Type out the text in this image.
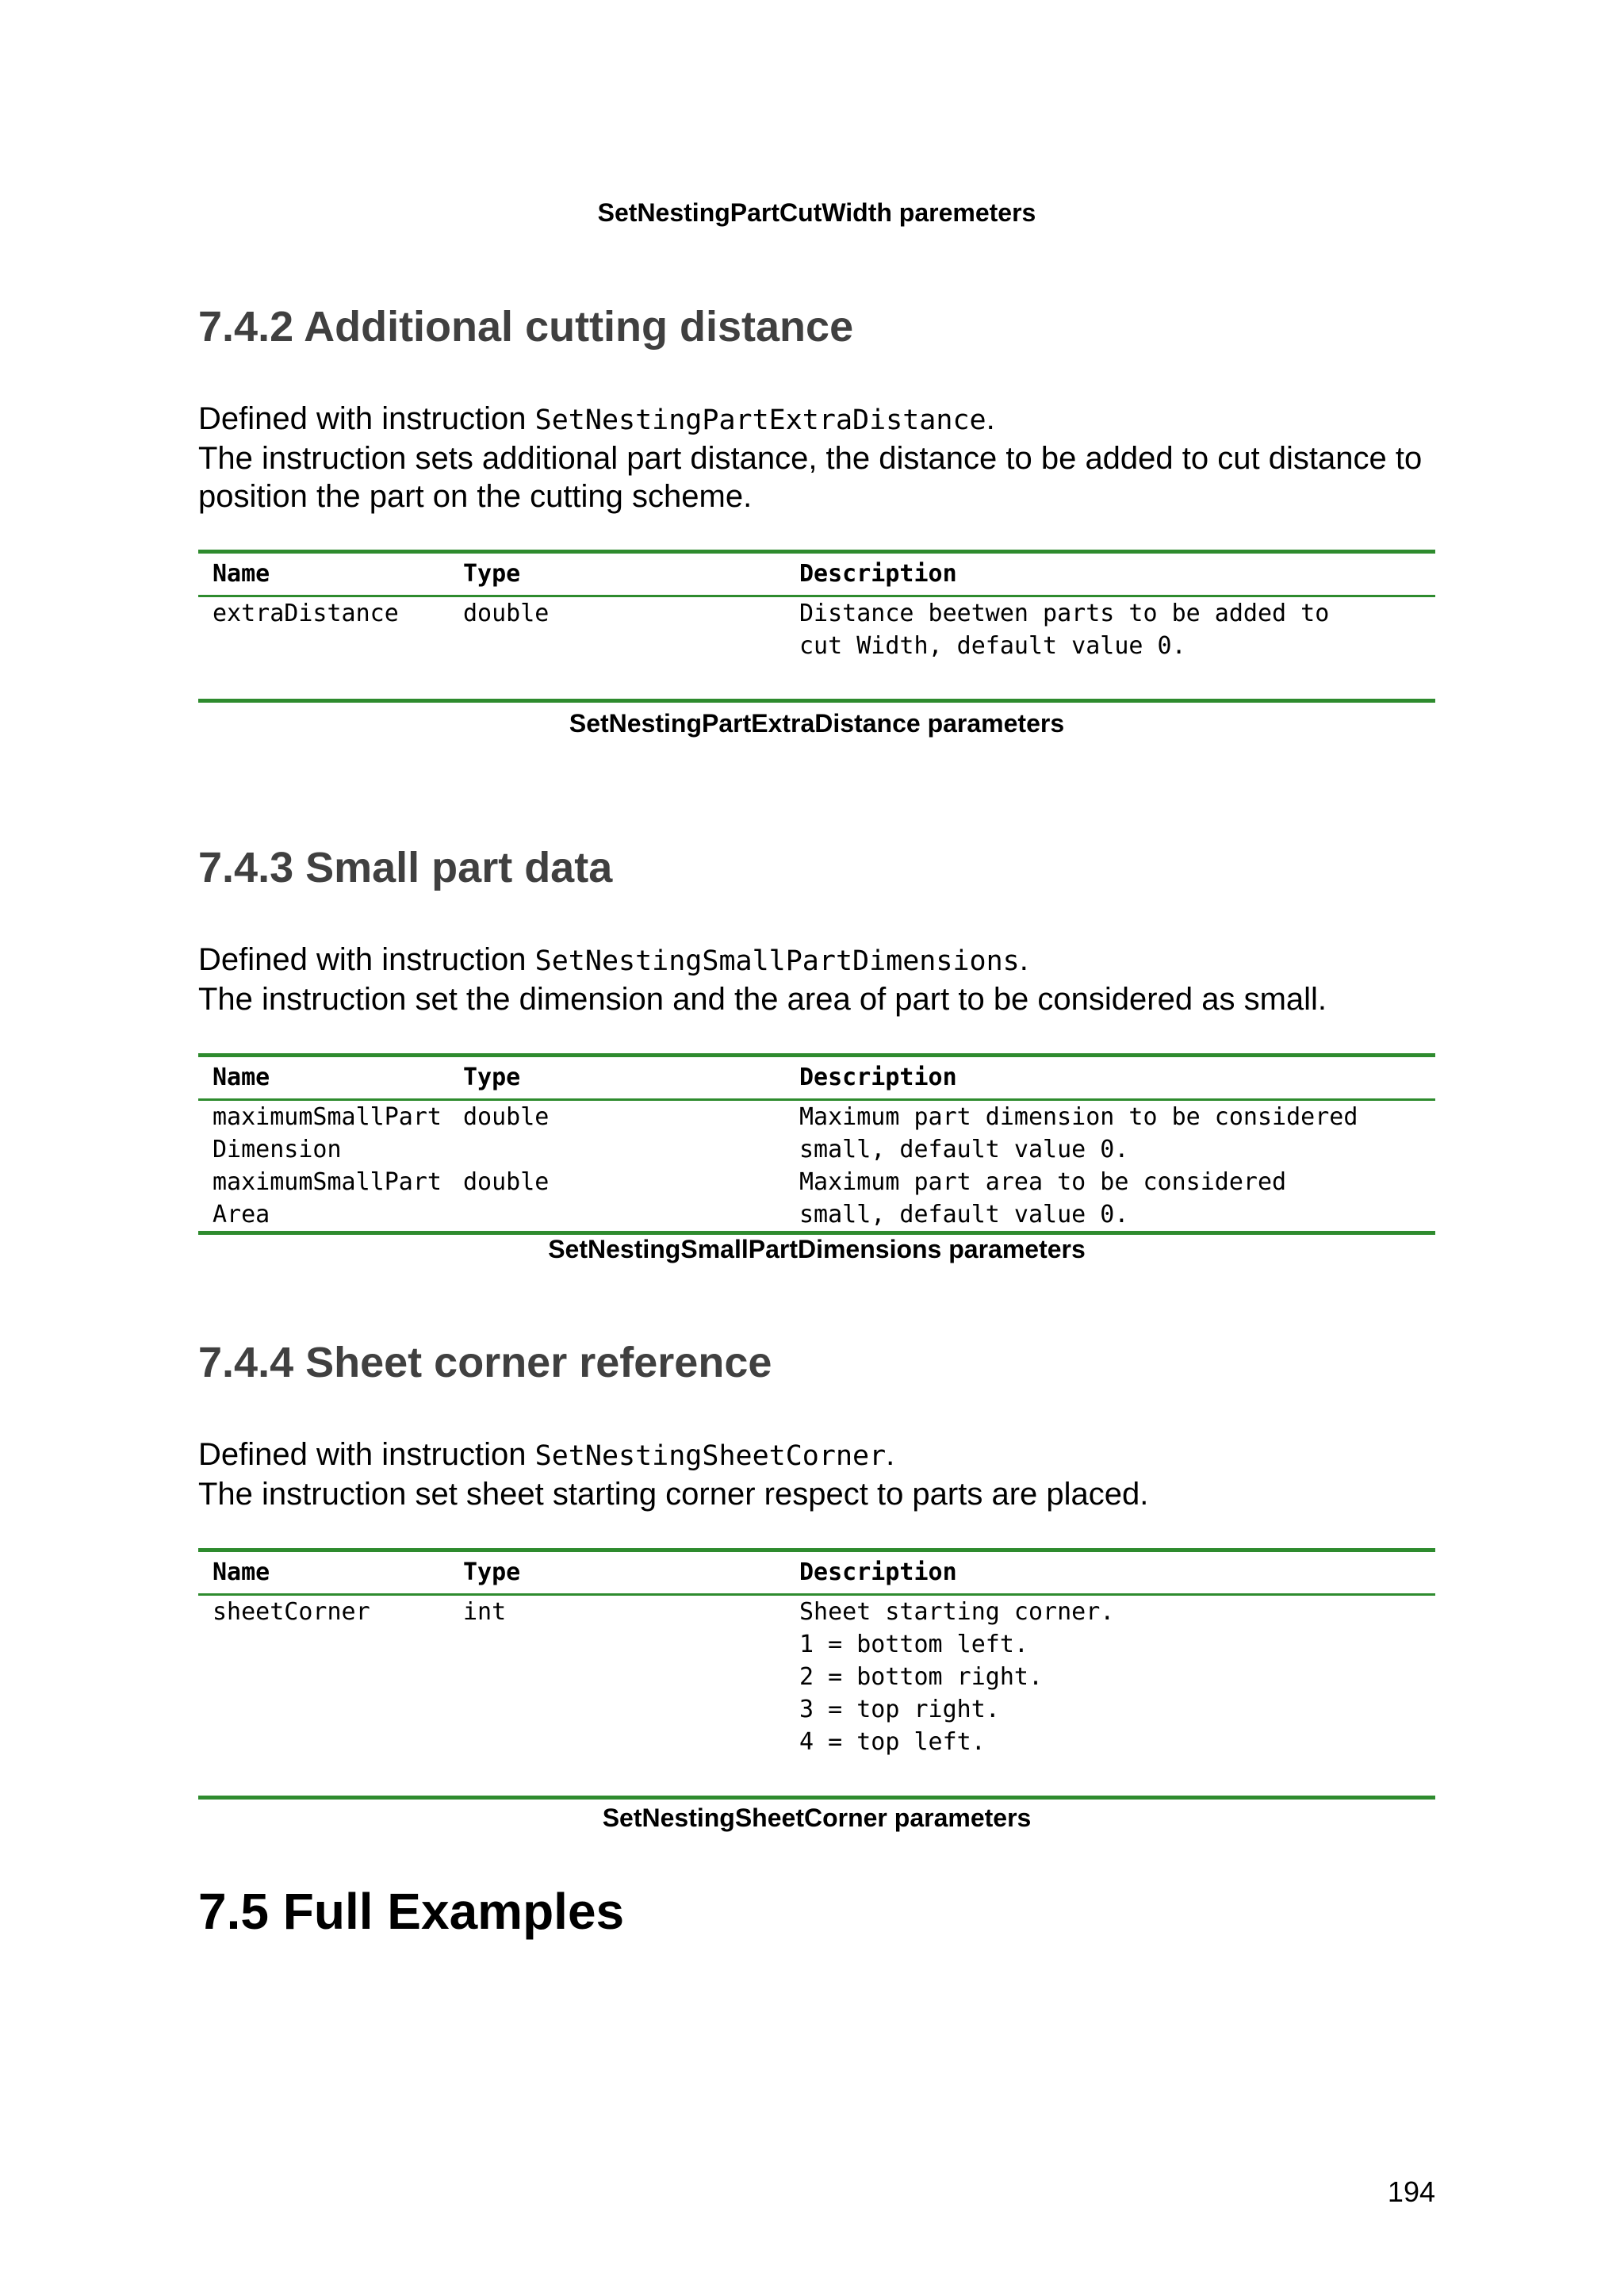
SetNestingPartCutWidth paremeters
7.4.2 Additional cutting distance

Defined with instruction SetNestingPartExtraDistance.

The instruction sets additional part distance, the distance to be added to cut distance to position the part on the cutting scheme.

Name	Type	Description
extraDistance	double	Distance beetwen parts to be added to
cut Width, default value 0.
SetNestingPartExtraDistance parameters
7.4.3 Small part data

Defined with instruction SetNestingSmallPartDimensions.

The instruction set the dimension and the area of part to be considered as small.

Name	Type	Description
maximumSmallPart
Dimension
double	Maximum part dimension to be considered
small, default value 0.
maximumSmallPart
Area
double	Maximum part area to be considered
small, default value 0.
SetNestingSmallPartDimensions parameters
7.4.4 Sheet corner reference

Defined with instruction SetNestingSheetCorner.

The instruction set sheet starting corner respect to parts are placed.

Name	Type	Description
sheetCorner	int	Sheet starting corner.
1 = bottom left.
2 = bottom right.
3 = top right.
4 = top left.
SetNestingSheetCorner parameters
7.5 Full Examples
194
